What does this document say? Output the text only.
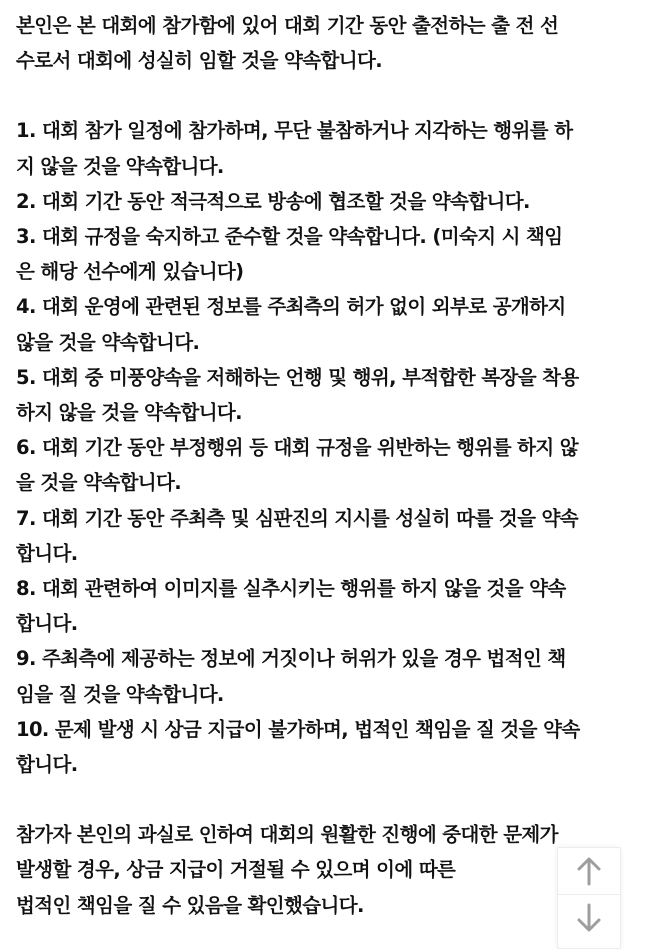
본인은 본 대회에 참가함에 있어 대회 기간 동안 출전하는 출 전 선
수로서 대회에 성실히 임할 것을 약속합니다.

1. 대회 참가 일정에 참가하며, 무단 불참하거나 지각하는 행위를 하
지 않을 것을 약속합니다.

2. 대회 기간 동안 적극적으로 방송에 협조할 것을 약속합니다.

3. 대회 규정을 숙지하고 준수할 것을 약속합니다. (미숙지 시 책임
은 해당 선수에게 있습니다)

4. 대회 운영에 관련된 정보를 주최측의 허가 없이 외부로 공개하지
않을 것을 약속합니다.

5. 대회 중 미풍양속을 저해하는 언행 및 행위, 부적합한 복장을 착용
하지 않을 것을 약속합니다.

6. 대회 기간 동안 부정행위 등 대회 규정을 위반하는 행위를 하지 않
을 것을 약속합니다.

7. 대회 기간 동안 주최측 및 심판진의 지시를 성실히 따를 것을 약속
합니다.

8. 대회 관련하여 이미지를 실추시키는 행위를 하지 않을 것을 약속
합니다.

9. 주최측에 제공하는 정보에 거짓이나 허위가 있을 경우 법적인 책
임을 질 것을 약속합니다.

10. 문제 발생 시 상금 지급이 불가하며, 법적인 책임을 질 것을 약속
합니다.

참가자 본인의 과실로 인하여 대회의 원활한 진행에 중대한 문제가
발생할 경우, 상금 지급이 거절될 수 있으며 이에 따른
법적인 책임을 질 수 있음을 확인했습니다.
